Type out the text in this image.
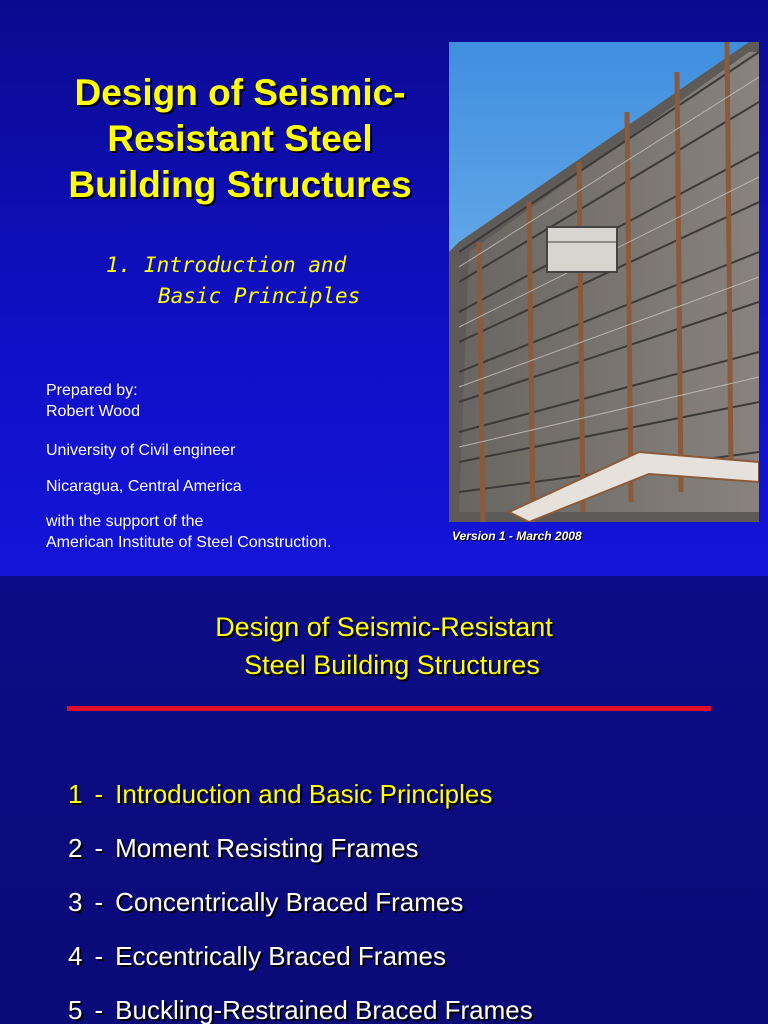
Design of Seismic-
Resistant Steel
Building Structures
1. Introduction and
Basic Principles
Prepared by:
Robert Wood
University of Civil engineer
Nicaragua, Central America
with the support of the
American Institute of Steel Construction.	Version 1 - March 2008
Design of Seismic-Resistant
Steel Building Structures
1 - Introduction and Basic Principles
2 - Moment Resisting Frames
3 - Concentrically Braced Frames
4 - Eccentrically Braced Frames
5 - Buckling-Restrained Braced Frames
